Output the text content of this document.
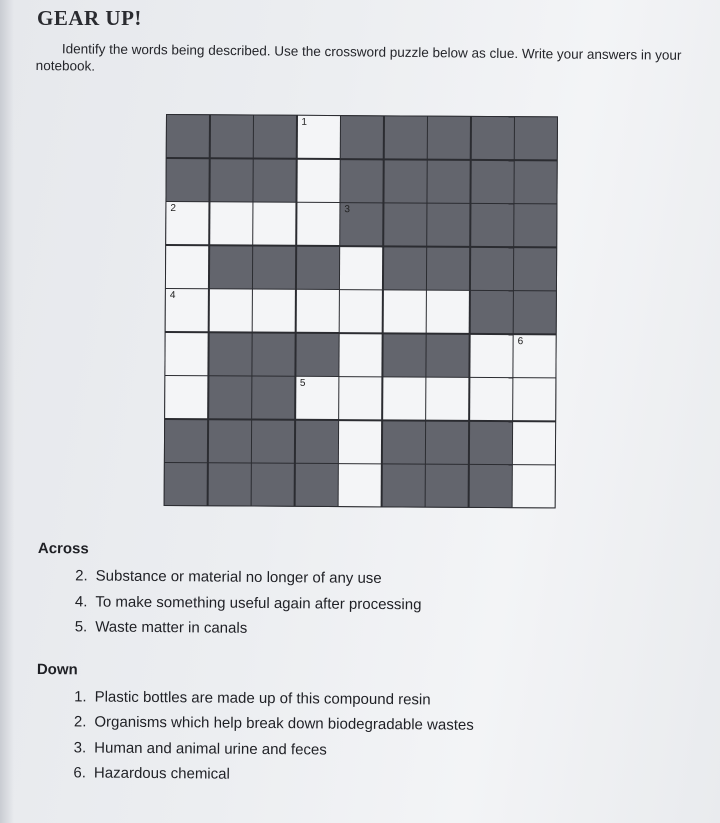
GEAR UP!
Identify the words being described. Use the crossword puzzle below as clue. Write your answers in your notebook.
1
2	3
4
6
5
Across
2. Substance or material no longer of any use
4. To make something useful again after processing
5. Waste matter in canals
Down
1. Plastic bottles are made up of this compound resin
2. Organisms which help break down biodegradable wastes
3. Human and animal urine and feces
6. Hazardous chemical
